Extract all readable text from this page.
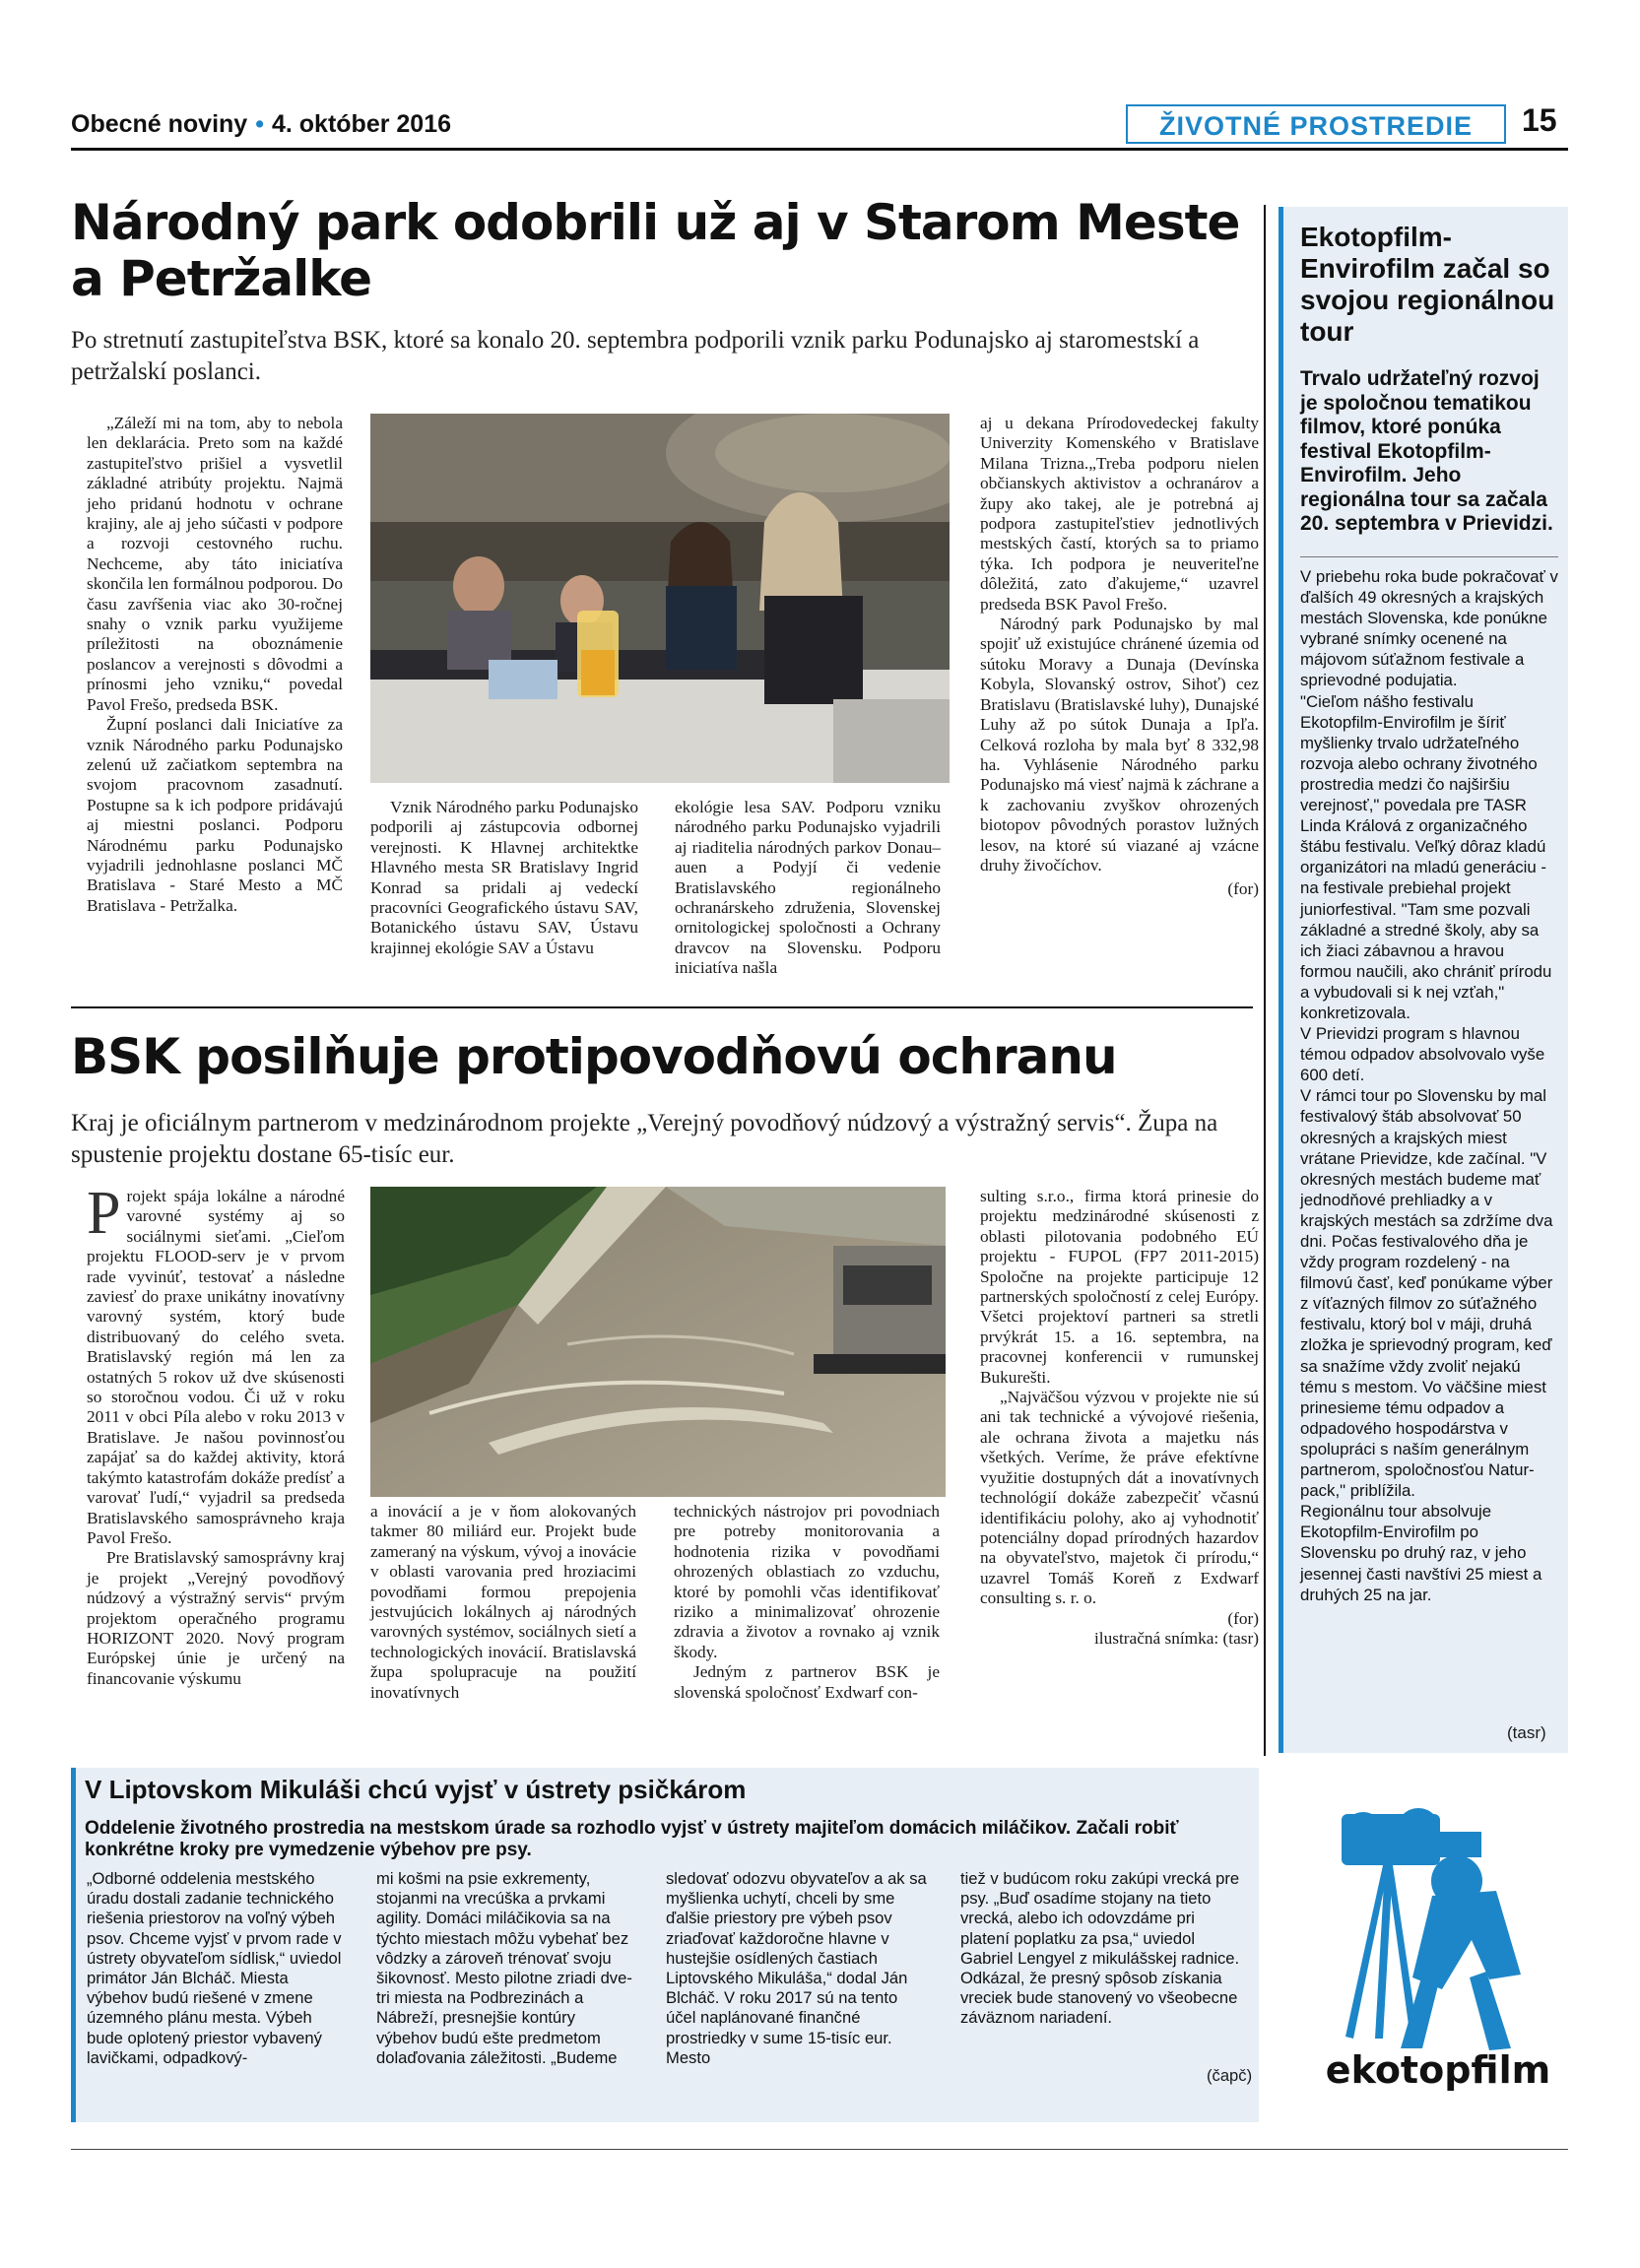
Obecné noviny • 4. október 2016	ŽIVOTNÉ PROSTREDIE	15
Národný park odobrili už aj v Starom Meste a Petržalke
Po stretnutí zastupiteľstva BSK, ktoré sa konalo 20. septembra podporili vznik parku Podunajsko aj staromestskí a petržalskí poslanci.

„Záleží mi na tom, aby to nebola len deklarácia. Preto som na každé zastupiteľstvo prišiel a vysvetlil základné atribúty projektu. Najmä jeho pridanú hodnotu v ochrane krajiny, ale aj jeho súčasti v podpore a rozvoji cestovného ruchu. Nechceme, aby táto iniciatíva skončila len formálnou podporou. Do času zavŕšenia viac ako 30-ročnej snahy o vznik parku využijeme príležitosti na oboznámenie poslancov a verejnosti s dôvodmi a prínosmi jeho vzniku,“ povedal Pavol Frešo, predseda BSK.

Župní poslanci dali Iniciatíve za vznik Národného parku Podunajsko zelenú už začiatkom septembra na svojom pracovnom zasadnutí. Postupne sa k ich podpore pridávajú aj miestni poslanci. Podporu Národnému parku Podunajsko vyjadrili jednohlasne poslanci MČ Bratislava - Staré Mesto a MČ Bratislava - Petržalka.

Vznik Národného parku Podunajsko podporili aj zástupcovia odbornej verejnosti. K Hlavnej architektke Hlavného mesta SR Bratislavy Ingrid Konrad sa pridali aj vedeckí pracovníci Geografického ústavu SAV, Botanického ústavu SAV, Ústavu krajinnej ekológie SAV a Ústavu

ekológie lesa SAV. Podporu vzniku národného parku Podunajsko vyjadrili aj riaditelia národných parkov Donau–auen a Podyjí či vedenie Bratislavského regionálneho ochranárskeho združenia, Slovenskej ornitologickej spoločnosti a Ochrany dravcov na Slovensku. Podporu iniciatíva našla

aj u dekana Prírodovedeckej fakulty Univerzity Komenského v Bratislave Milana Trizna.„Treba podporu nielen občianskych aktivistov a ochranárov a župy ako takej, ale je potrebná aj podpora zastupiteľstiev jednotlivých mestských častí, ktorých sa to priamo týka. Ich podpora je neuveriteľne dôležitá, zato ďakujeme,“ uzavrel predseda BSK Pavol Frešo.

Národný park Podunajsko by mal spojiť už existujúce chránené územia od sútoku Moravy a Dunaja (Devínska Kobyla, Slovanský ostrov, Sihoť) cez Bratislavu (Bratislavské luhy), Dunajské Luhy až po sútok Dunaja a Ipľa. Celková rozloha by mala byť 8 332,98 ha. Vyhlásenie Národného parku Podunajsko má viesť najmä k záchrane a k zachovaniu zvyškov ohrozených biotopov pôvodných porastov lužných lesov, na ktoré sú viazané aj vzácne druhy živočíchov.

(for)
BSK posilňuje protipovodňovú ochranu
Kraj je oficiálnym partnerom v medzinárodnom projekte „Verejný povodňový núdzový a výstražný servis“. Župa na spustenie projektu dostane 65-tisíc eur.

Projekt spája lokálne a národné varovné systémy aj so sociálnymi sieťami. „Cieľom projektu FLOOD-serv je v prvom rade vyvinúť, testovať a následne zaviesť do praxe unikátny inovatívny varovný systém, ktorý bude distribuovaný do celého sveta. Bratislavský región má len za ostatných 5 rokov už dve skúsenosti so storočnou vodou. Či už v roku 2011 v obci Píla alebo v roku 2013 v Bratislave. Je našou povinnosťou zapájať sa do každej aktivity, ktorá takýmto katastrofám dokáže predísť a varovať ľudí,“ vyjadril sa predseda Bratislavského samosprávneho kraja Pavol Frešo.

Pre Bratislavský samosprávny kraj je projekt „Verejný povodňový núdzový a výstražný servis“ prvým projektom operačného programu HORIZONT 2020. Nový program Európskej únie je určený na financovanie výskumu

a inovácií a je v ňom alokovaných takmer 80 miliárd eur. Projekt bude zameraný na výskum, vývoj a inovácie v oblasti varovania pred hroziacimi povodňami formou prepojenia jestvujúcich lokálnych aj národných varovných systémov, sociálnych sietí a technologických inovácií. Bratislavská župa spolupracuje na použití inovatívnych

technických nástrojov pri povodniach pre potreby monitorovania a hodnotenia rizika v povodňami ohrozených oblastiach zo vzduchu, ktoré by pomohli včas identifikovať riziko a minimalizovať ohrozenie zdravia a životov a rovnako aj vznik škody.

Jedným z partnerov BSK je slovenská spoločnosť Exdwarf con-

sulting s.r.o., firma ktorá prinesie do projektu medzinárodné skúsenosti z oblasti pilotovania podobného EÚ projektu - FUPOL (FP7 2011-2015) Spoločne na projekte participuje 12 partnerských spoločností z celej Európy. Všetci projektoví partneri sa stretli prvýkrát 15. a 16. septembra, na pracovnej konferencii v rumunskej Bukurešti.

„Najväčšou výzvou v projekte nie sú ani tak technické a vývojové riešenia, ale ochrana života a majetku nás všetkých. Veríme, že práve efektívne využitie dostupných dát a inovatívnych technológií dokáže zabezpečiť včasnú identifikáciu polohy, ako aj vyhodnotiť potenciálny dopad prírodných hazardov na obyvateľstvo, majetok či prírodu,“ uzavrel Tomáš Koreň z Exdwarf consulting s. r. o.

(for)
ilustračná snímka: (tasr)
Ekotopfilm-Envirofilm začal so svojou regionálnou tour
Trvalo udržateľný rozvoj je spoločnou tematikou filmov, ktoré ponúka festival Ekotopfilm-Envirofilm. Jeho regionálna tour sa začala 20. septembra v Prievidzi.

V priebehu roka bude pokračovať v ďalších 49 okresných a krajských mestách Slovenska, kde ponúkne vybrané snímky ocenené na májovom súťažnom festivale a sprievodné podujatia.

"Cieľom nášho festivalu Ekotopfilm-Envirofilm je šíriť myšlienky trvalo udržateľného rozvoja alebo ochrany životného prostredia medzi čo najširšiu verejnosť," povedala pre TASR Linda Králová z organizačného štábu festivalu. Veľký dôraz kladú organizátori na mladú generáciu - na festivale prebiehal projekt juniorfestival. "Tam sme pozvali základné a stredné školy, aby sa ich žiaci zábavnou a hravou formou naučili, ako chrániť prírodu a vybudovali si k nej vzťah," konkretizovala.

V Prievidzi program s hlavnou témou odpadov absolvovalo vyše 600 detí.

V rámci tour po Slovensku by mal festivalový štáb absolvovať 50 okresných a krajských miest vrátane Prievidze, kde začínal. "V okresných mestách budeme mať jednodňové prehliadky a v krajských mestách sa zdržíme dva dni. Počas festivalového dňa je vždy program rozdelený - na filmovú časť, keď ponúkame výber z víťazných filmov zo súťažného festivalu, ktorý bol v máji, druhá zložka je sprievodný program, keď sa snažíme vždy zvoliť nejakú tému s mestom. Vo väčšine miest prinesieme tému odpadov a odpadového hospodárstva v spolupráci s naším generálnym partnerom, spoločnosťou Natur-pack," priblížila.

Regionálnu tour absolvuje Ekotopfilm-Envirofilm po Slovensku po druhý raz, v jeho jesennej časti navštívi 25 miest a druhých 25 na jar.

(tasr)
ekotopfilm
V Liptovskom Mikuláši chcú vyjsť v ústrety psičkárom
Oddelenie životného prostredia na mestskom úrade sa rozhodlo vyjsť v ústrety majiteľom domácich miláčikov. Začali robiť konkrétne kroky pre vymedzenie výbehov pre psy.

„Odborné oddelenia mestského úradu dostali zadanie technického riešenia priestorov na voľný výbeh psov. Chceme vyjsť v prvom rade v ústrety obyvateľom sídlisk,“ uviedol primátor Ján Blcháč. Miesta výbehov budú riešené v zmene územného plánu mesta. Výbeh bude oplotený priestor vybavený lavičkami, odpadkový-

mi košmi na psie exkrementy, stojanmi na vrecúška a prvkami agility. Domáci miláčikovia sa na týchto miestach môžu vybehať bez vôdzky a zároveň trénovať svoju šikovnosť. Mesto pilotne zriadi dve-tri miesta na Podbrezinách a Nábreží, presnejšie kontúry výbehov budú ešte predmetom dolaďovania záležitosti. „Budeme

sledovať odozvu obyvateľov a ak sa myšlienka uchytí, chceli by sme ďalšie priestory pre výbeh psov zriaďovať každoročne hlavne v hustejšie osídlených častiach Liptovského Mikuláša,“ dodal Ján Blcháč. V roku 2017 sú na tento účel naplánované finančné prostriedky v sume 15-tisíc eur. Mesto

tiež v budúcom roku zakúpi vrecká pre psy. „Buď osadíme stojany na tieto vrecká, alebo ich odovzdáme pri platení poplatku za psa,“ uviedol Gabriel Lengyel z mikulášskej radnice. Odkázal, že presný spôsob získania vreciek bude stanovený vo všeobecne záväznom nariadení.

(čapč)
